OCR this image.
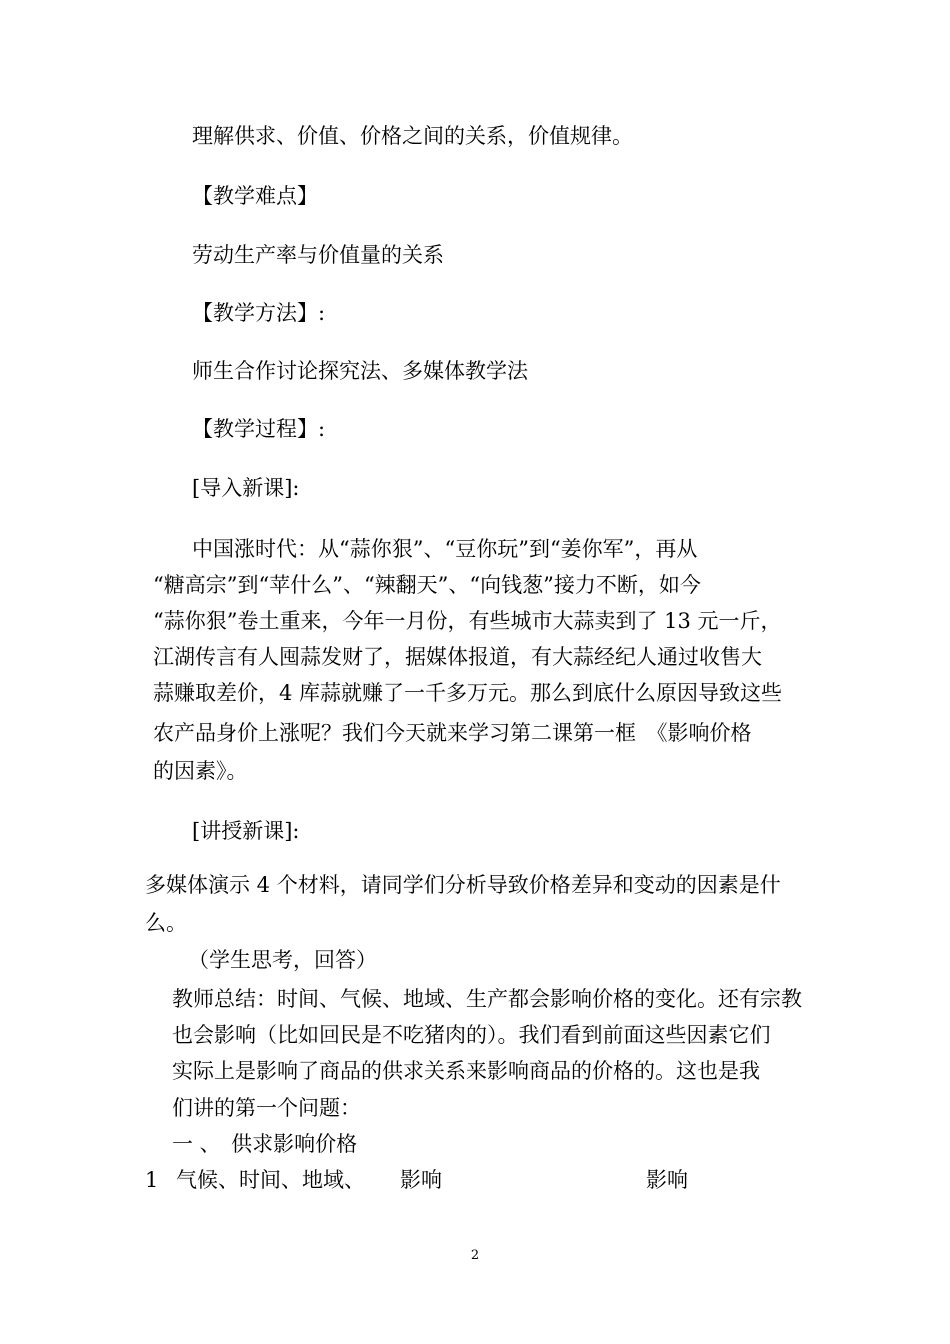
理解供求、价值、价格之间的关系，价值规律。
【教学难点】
劳动生产率与价值量的关系
【教学方法】:
师生合作讨论探究法、多媒体教学法
【教学过程】:
[导入新课]:
中国涨时代：从“蒜你狠”、“豆你玩”到“姜你军”，再从
“糖高宗”到“苹什么”、“辣翻天”、“向钱葱”接力不断，如今
“蒜你狠”卷土重来，今年一月份，有些城市大蒜卖到了 13 元一斤，
江湖传言有人囤蒜发财了，据媒体报道，有大蒜经纪人通过收售大
蒜赚取差价，4 库蒜就赚了一千多万元。那么到底什么原因导致这些
农产品身价上涨呢？我们今天就来学习第二课第一框　《影响价格
的因素》。
[讲授新课]:
多媒体演示 4 个材料，请同学们分析导致价格差异和变动的因素是什
么。
（学生思考，回答）
教师总结：时间、气候、地域、生产都会影响价格的变化。还有宗教
也会影响（比如回民是不吃猪肉的）。我们看到前面这些因素它们
实际上是影响了商品的供求关系来影响商品的价格的。这也是我
们讲的第一个问题：
一 、　供求影响价格
1 气候、时间、地域、 影响	影响
2
